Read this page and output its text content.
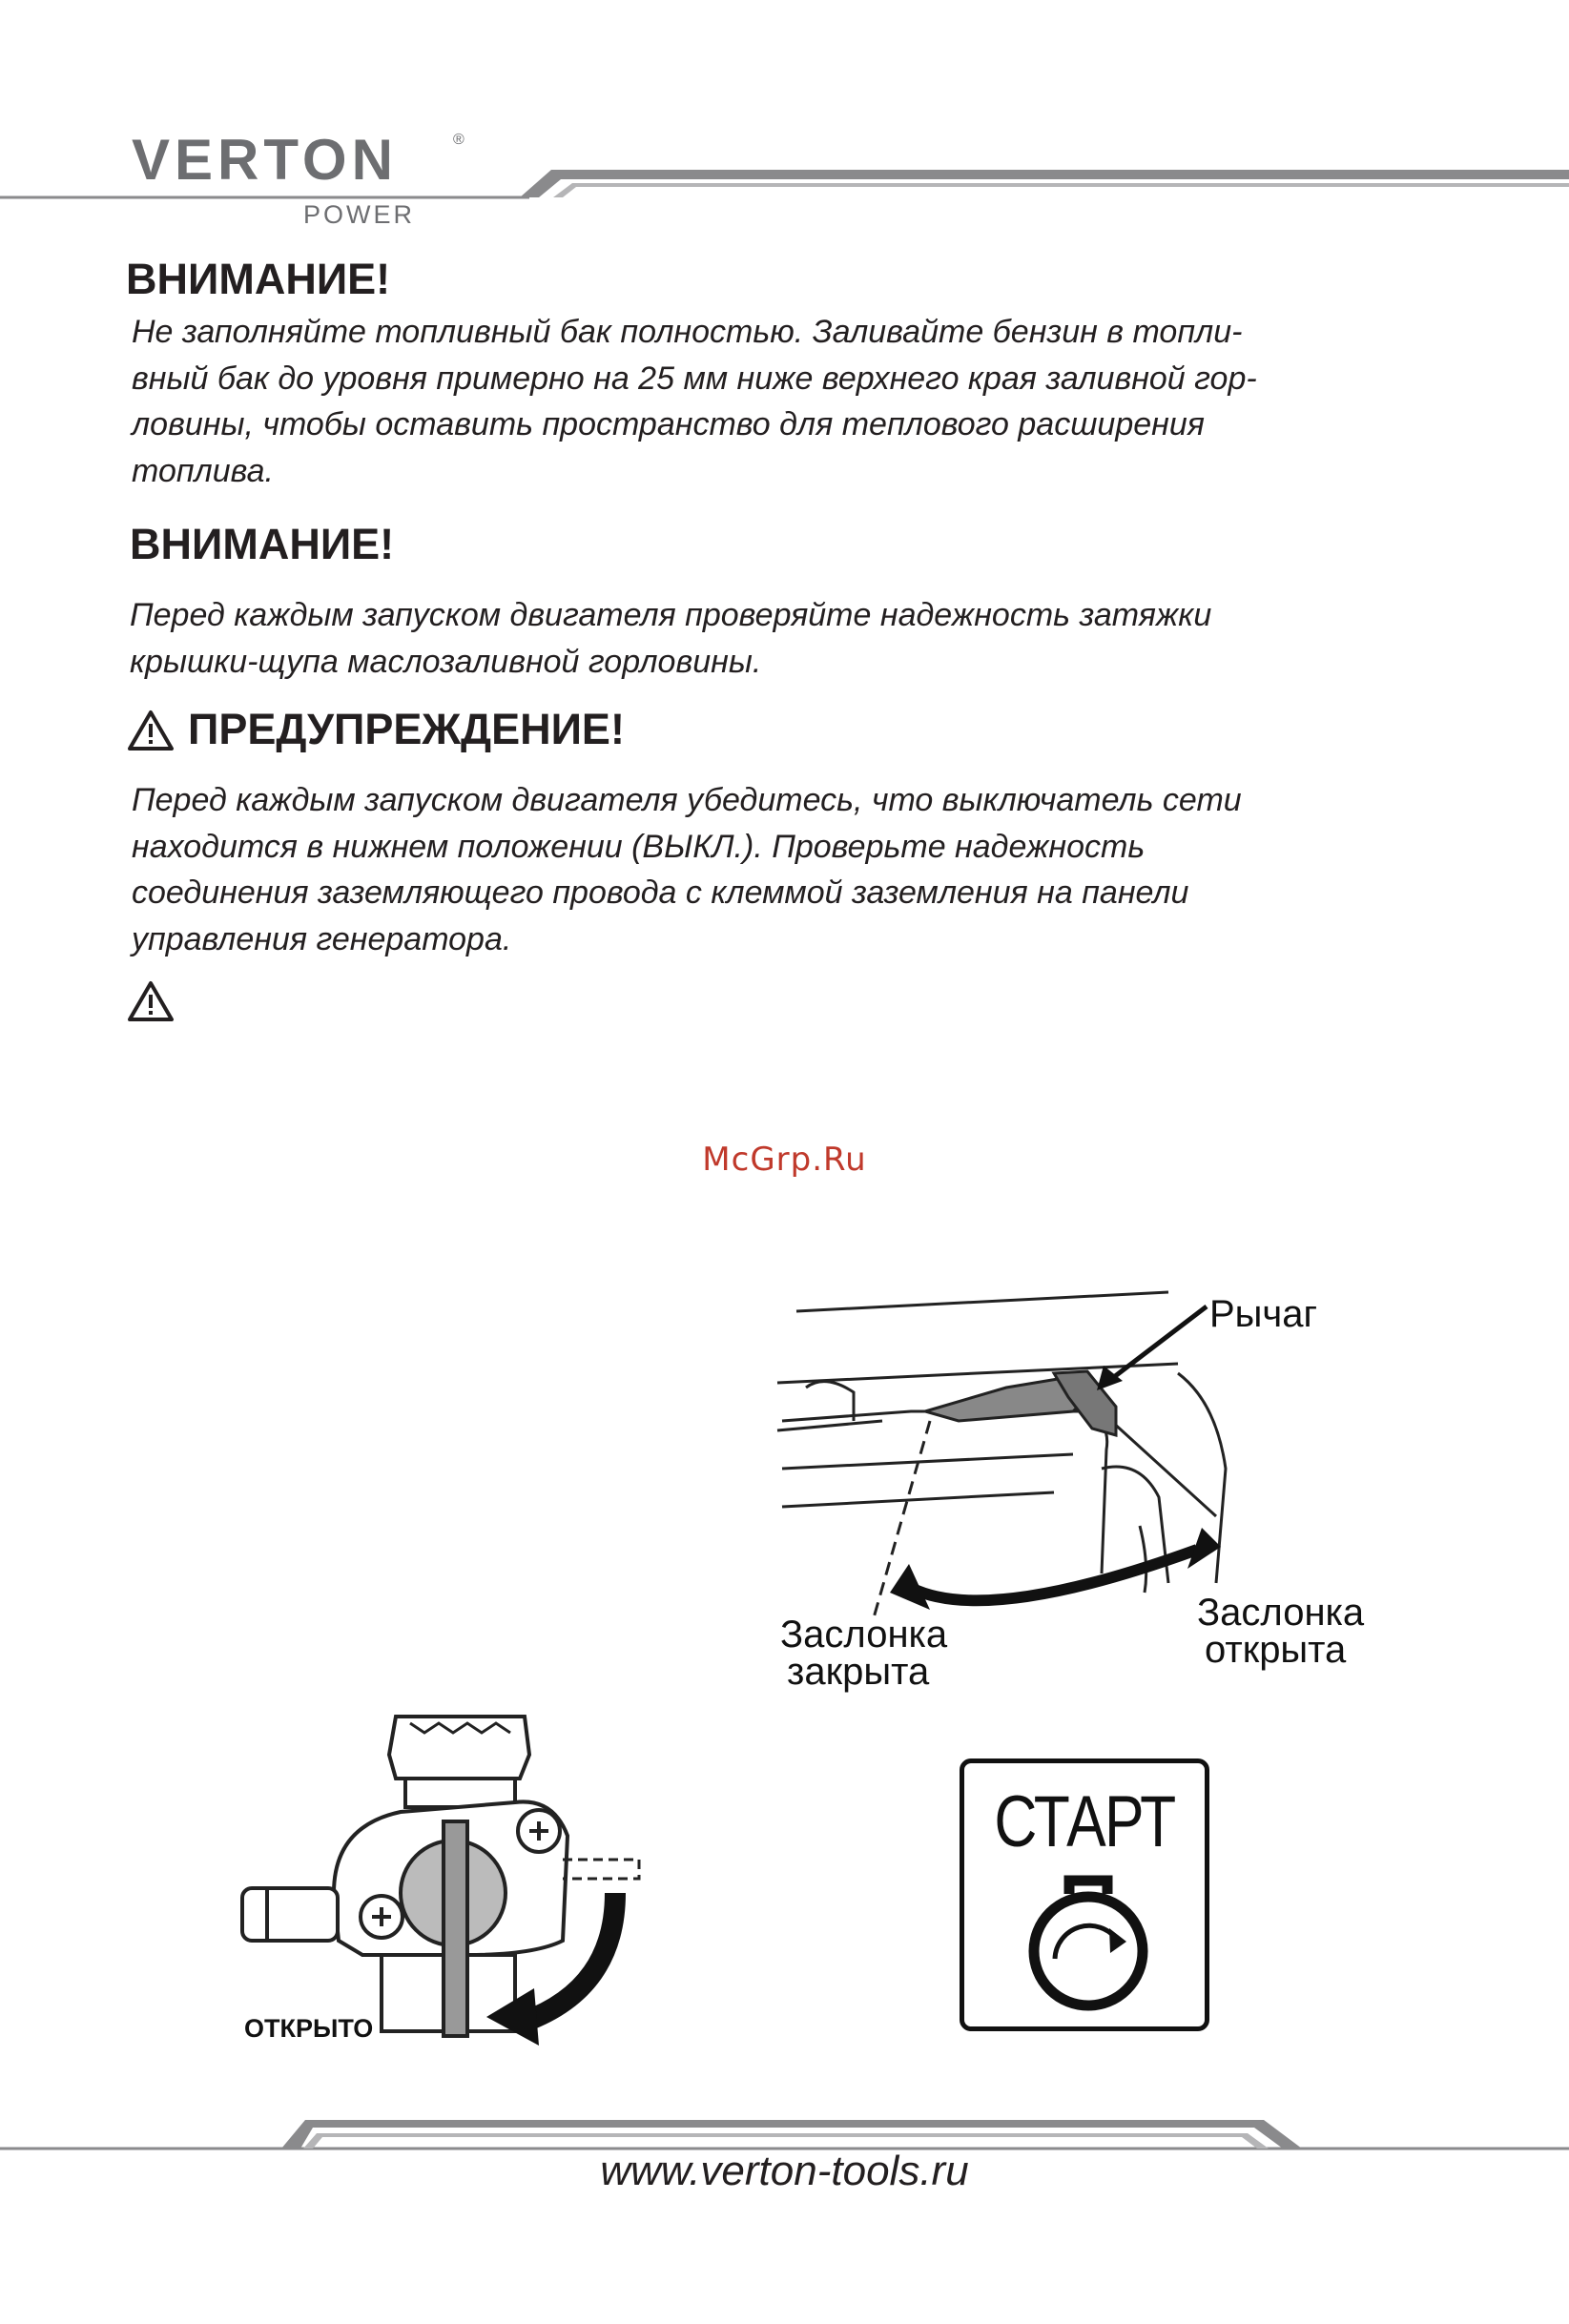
VERTON	®
POWER
ВНИМАНИЕ!
Не заполняйте топливный бак полностью. Заливайте бензин в топли-
вный бак до уровня примерно на 25 мм ниже верхнего края заливной гор-
ловины, чтобы оставить пространство для теплового расширения
топлива.
ВНИМАНИЕ!
Перед каждым запуском двигателя проверяйте надежность затяжки
крышки-щупа маслозаливной горловины.
ПРЕДУПРЕЖДЕНИЕ!
Перед каждым запуском двигателя убедитесь, что выключатель сети
находится в нижнем положении (ВЫКЛ.). Проверьте надежность
соединения заземляющего провода с клеммой заземления на панели
управления генератора.
McGrp.Ru
Рычаг
Заслонка
закрыта
Заслонка
открыта
ОТКРЫТО
СТАРТ
www.verton-tools.ru
